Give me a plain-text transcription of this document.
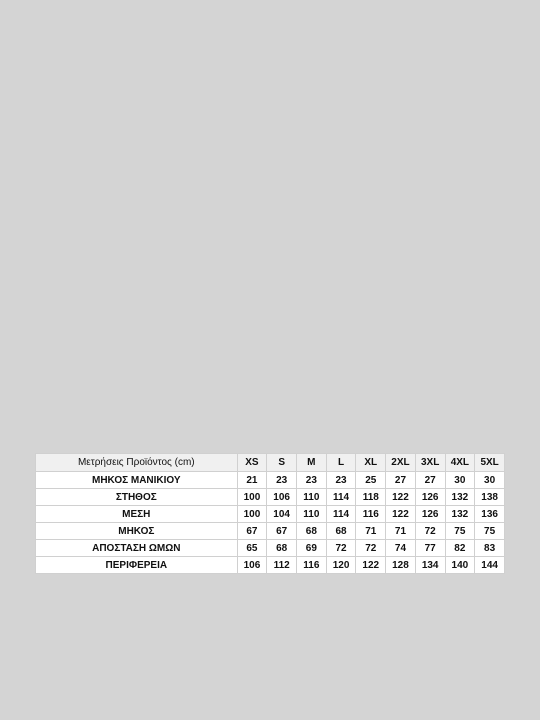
Μετρήσεις Προϊόντος (cm)	XS	S	M	L	XL	2XL	3XL	4XL	5XL
ΜΗΚΟΣ ΜΑΝΙΚΙΟΥ	21	23	23	23	25	27	27	30	30
ΣΤΗΘΟΣ	100	106	110	114	118	122	126	132	138
ΜΕΣΗ	100	104	110	114	116	122	126	132	136
ΜΗΚΟΣ	67	67	68	68	71	71	72	75	75
ΑΠΟΣΤΑΣΗ ΩΜΩΝ	65	68	69	72	72	74	77	82	83
ΠΕΡΙΦΕΡΕΙΑ	106	112	116	120	122	128	134	140	144
